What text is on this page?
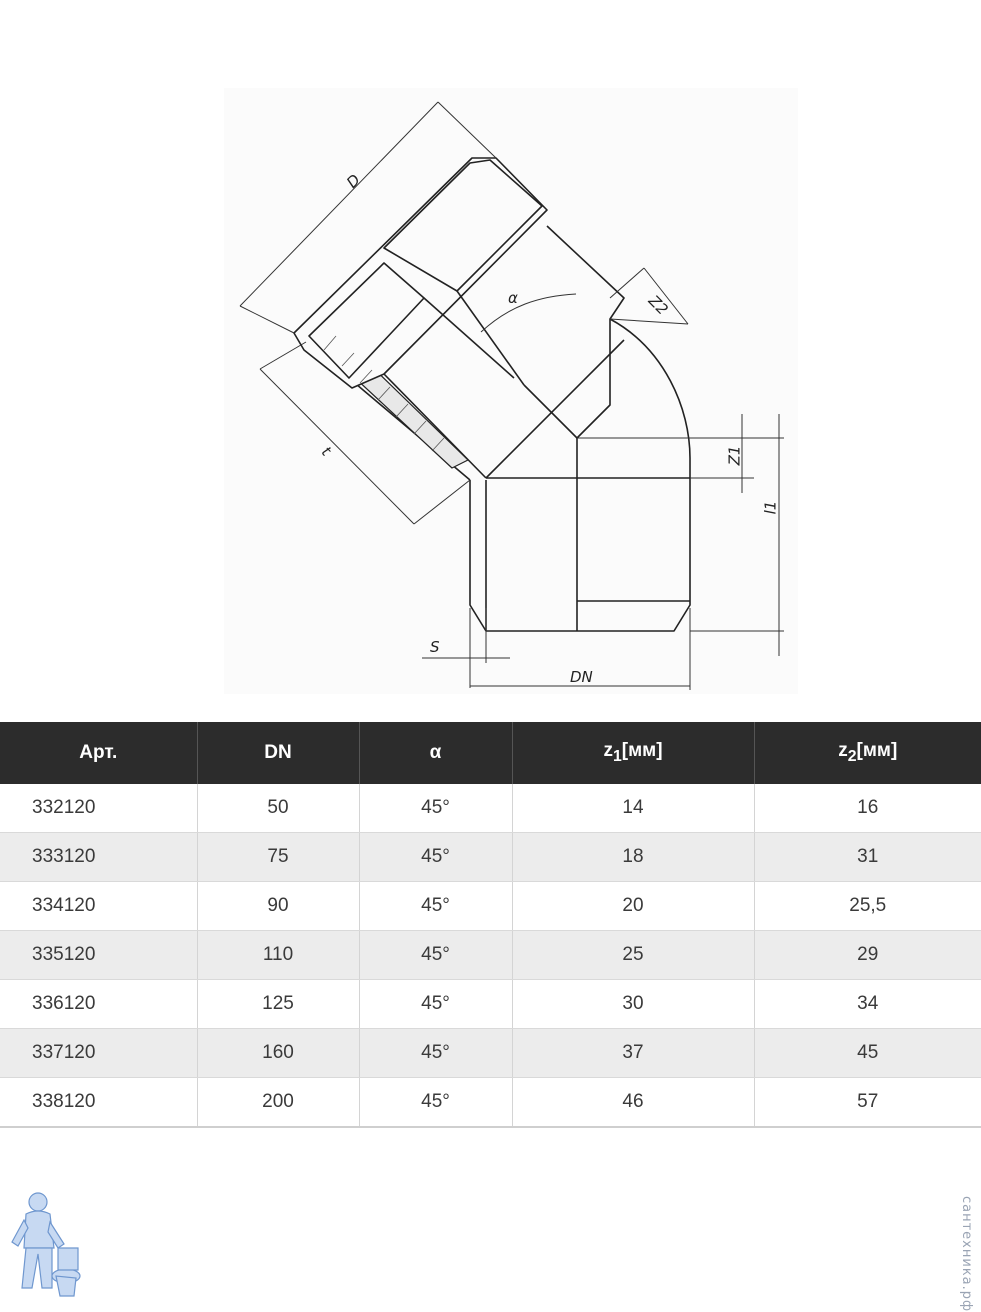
D
t
α	Z2
Z1
l1
S
DN
Арт.	DN	α	$z_1[мм]$	$z_2[мм]$
332120	50	45°	14	16
333120	75	45°	18	31
334120	90	45°	20	25,5
335120	110	45°	25	29
336120	125	45°	30	34
337120	160	45°	37	45
338120	200	45°	46	57
сантехника.рф
